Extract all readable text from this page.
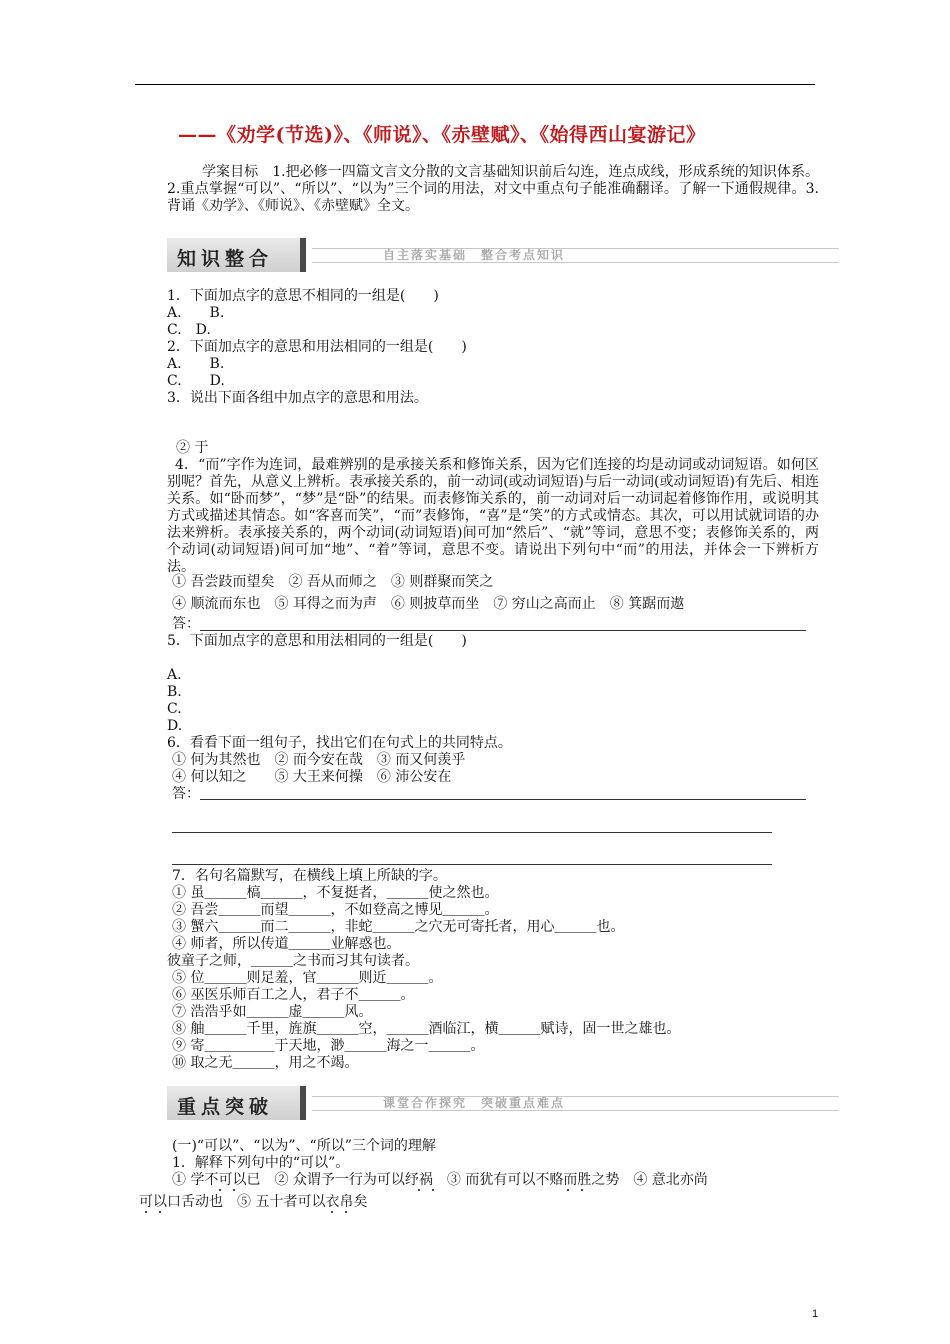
——《劝学(节选)》、《师说》、《赤壁赋》、《始得西山宴游记》
学案目标　1.把必修一四篇文言文分散的文言基础知识前后勾连，连点成线，形成系统的知识体系。2.重点掌握“可以”、“所以”、“以为”三个词的用法，对文中重点句子能准确翻译。了解一下通假规律。3.背诵《劝学》、《师说》、《赤壁赋》全文。
知识整合	自主落实基础　整合考点知识
1．下面加点字的意思不相同的一组是(　　)
A.　　B.
C.　D.
2．下面加点字的意思和用法相同的一组是(　　)
A.　　B.
C.　　D.
3．说出下面各组中加点字的意思和用法。
② 于
4．“而”字作为连词，最难辨别的是承接关系和修饰关系，因为它们连接的均是动词或动词短语。如何区别呢？首先，从意义上辨析。表承接关系的，前一动词(或动词短语)与后一动词(或动词短语)有先后、相连关系。如“卧而梦”，“梦”是“卧”的结果。而表修饰关系的，前一动词对后一动词起着修饰作用，或说明其方式或描述其情态。如“客喜而笑”，“而”表修饰，“喜”是“笑”的方式或情态。其次，可以用试就词语的办法来辨析。表承接关系的，两个动词(动词短语)间可加“然后”、“就”等词，意思不变；表修饰关系的，两个动词(动词短语)间可加“地”、“着”等词，意思不变。请说出下列句中“而”的用法，并体会一下辨析方法。
① 吾尝跂而望矣　② 吾从而师之　③ 则群聚而笑之
④ 顺流而东也　⑤ 耳得之而为声　⑥ 则披草而坐　⑦ 穷山之高而止　⑧ 箕踞而遨
答：
5．下面加点字的意思和用法相同的一组是(　　)
A.
B.
C.
D.
6．看看下面一组句子，找出它们在句式上的共同特点。
① 何为其然也　② 而今安在哉　③ 而又何羡乎
④ 何以知之　　⑤ 大王来何操　⑥ 沛公安在
答：
7．名句名篇默写，在横线上填上所缺的字。
① 虽＿＿＿槁＿＿＿，不复挺者，＿＿＿使之然也。
② 吾尝＿＿＿而望＿＿＿，不如登高之博见＿＿＿。
③ 蟹六＿＿＿而二＿＿＿，非蛇＿＿＿之穴无可寄托者，用心＿＿＿也。
④ 师者，所以传道＿＿＿业解惑也。
彼童子之师，＿＿＿之书而习其句读者。
⑤ 位＿＿＿则足羞，官＿＿＿则近＿＿＿。
⑥ 巫医乐师百工之人，君子不＿＿＿。
⑦ 浩浩乎如＿＿＿虚＿＿＿风。
⑧ 舳＿＿＿千里，旌旗＿＿＿空，＿＿＿酒临江，横＿＿＿赋诗，固一世之雄也。
⑨ 寄＿＿＿＿＿于天地，渺＿＿＿海之一＿＿＿。
⑩ 取之无＿＿＿，用之不竭。
重点突破	课堂合作探究　突破重点难点
(一)“可以”、“以为”、“所以”三个词的理解
1．解释下列句中的“可以”。
① 学不可以已　② 众谓予一行为可以纾祸　③ 而犹有可以不赂而胜之势　④ 意北亦尚
可以口舌动也　⑤ 五十者可以衣帛矣
1
